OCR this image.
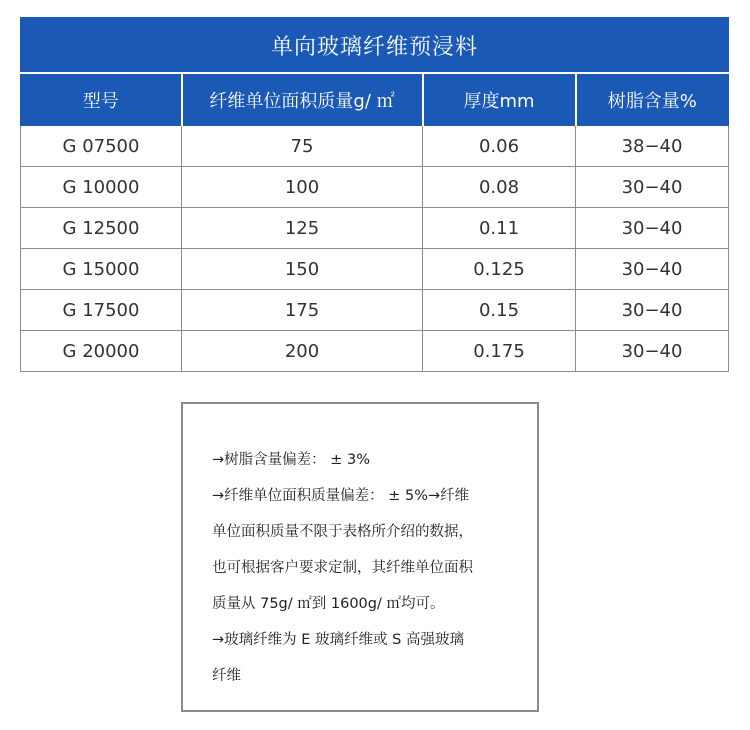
单向玻璃纤维预浸料			
型号	纤维单位面积质量g/ ㎡	厚度mm	树脂含量%
G 07500	75	0.06	38−40
G 10000	100	0.08	30−40
G 12500	125	0.11	30−40
G 15000	150	0.125	30−40
G 17500	175	0.15	30−40
G 20000	200	0.175	30−40
→树脂含量偏差： ± 3%
→纤维单位面积质量偏差： ± 5%→纤维
单位面积质量不限于表格所介绍的数据，
也可根据客户要求定制，其纤维单位面积
质量从 75g/ ㎡到 1600g/ ㎡均可。
→玻璃纤维为 E 玻璃纤维或 S 高强玻璃
纤维
